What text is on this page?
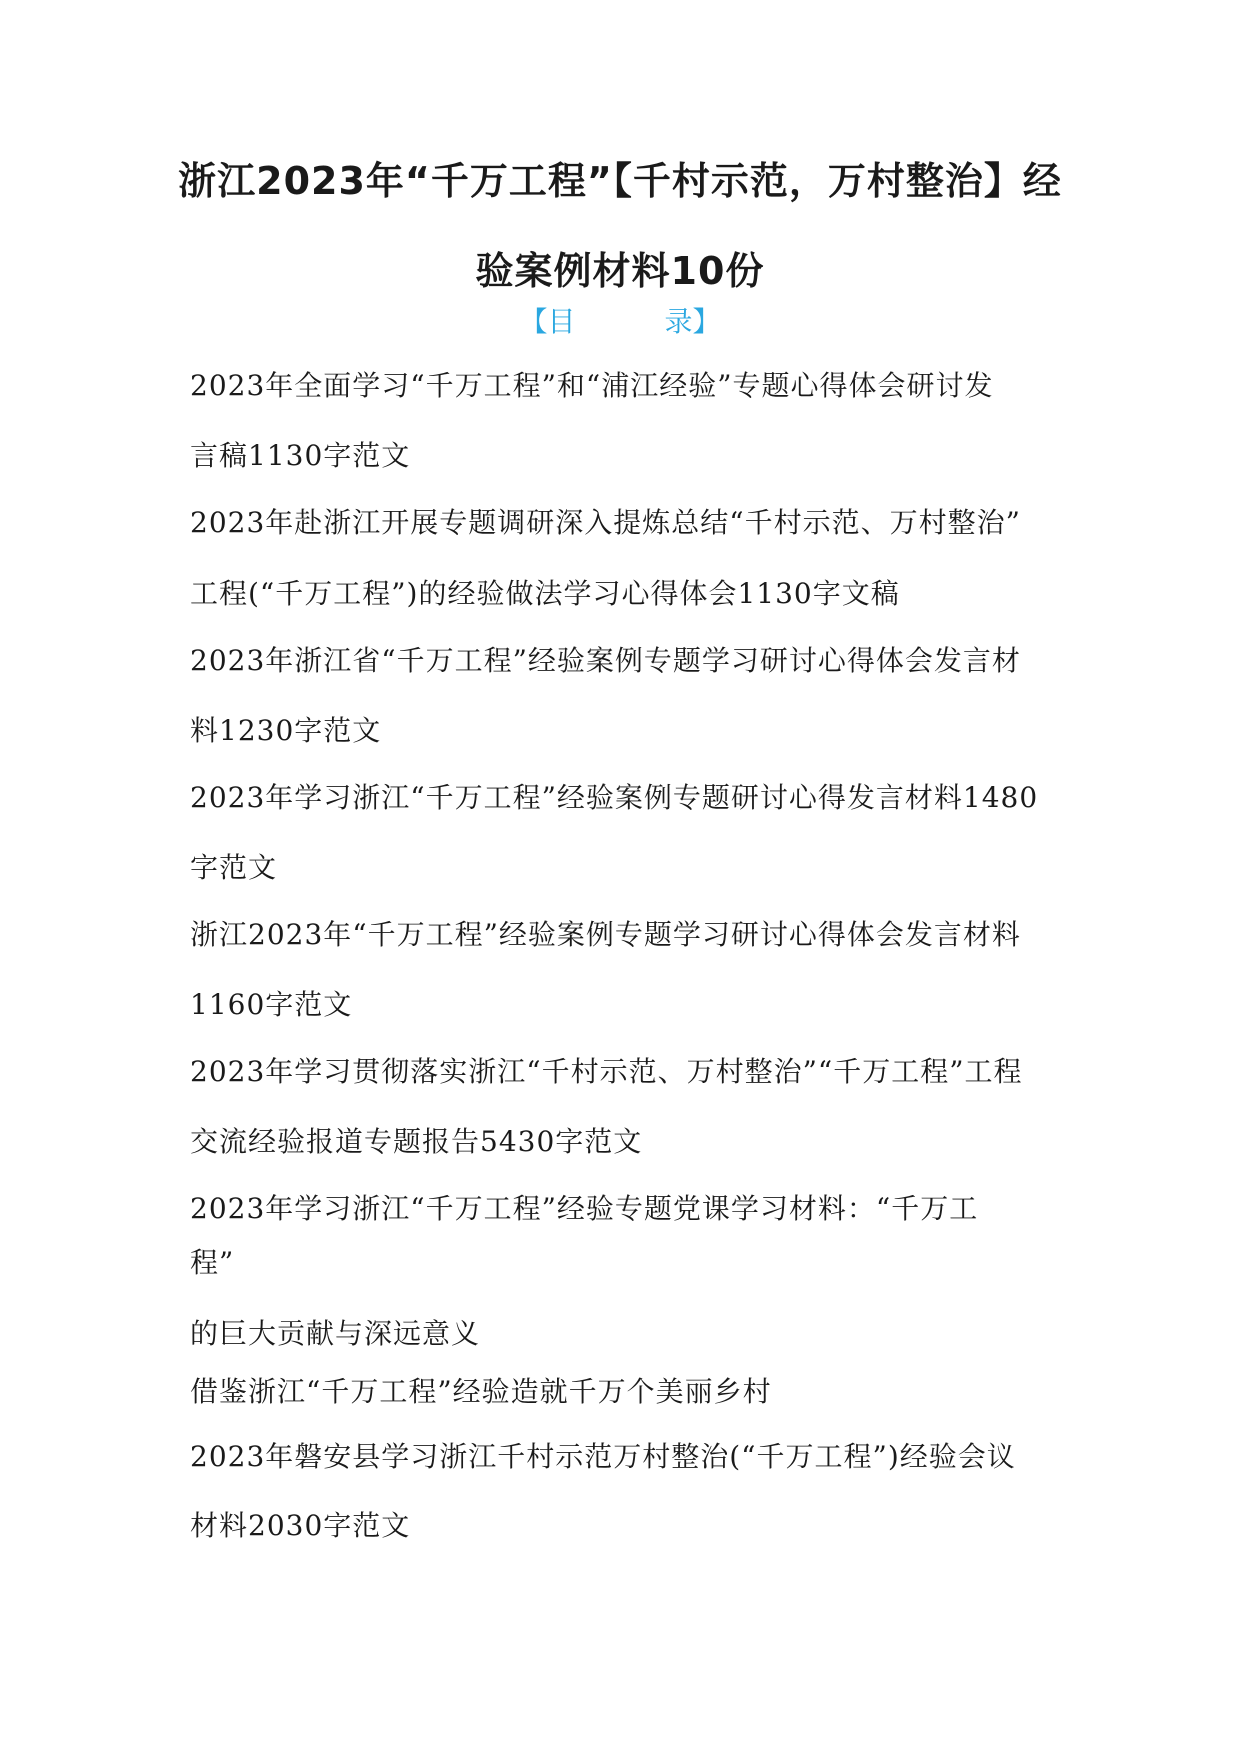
浙江2023年“千万工程”【千村示范，万村整治】经
验案例材料10份
【目          录】
2023年全面学习“千万工程”和“浦江经验”专题心得体会研讨发
言稿1130字范文
2023年赴浙江开展专题调研深入提炼总结“千村示范、万村整治”
工程(“千万工程”)的经验做法学习心得体会1130字文稿
2023年浙江省“千万工程”经验案例专题学习研讨心得体会发言材
料1230字范文
2023年学习浙江“千万工程”经验案例专题研讨心得发言材料1480
字范文
浙江2023年“千万工程”经验案例专题学习研讨心得体会发言材料
1160字范文
2023年学习贯彻落实浙江“千村示范、万村整治”“千万工程”工程
交流经验报道专题报告5430字范文
2023年学习浙江“千万工程”经验专题党课学习材料：“千万工
程”
的巨大贡献与深远意义
借鉴浙江“千万工程”经验造就千万个美丽乡村
2023年磐安县学习浙江千村示范万村整治(“千万工程”)经验会议
材料2030字范文
